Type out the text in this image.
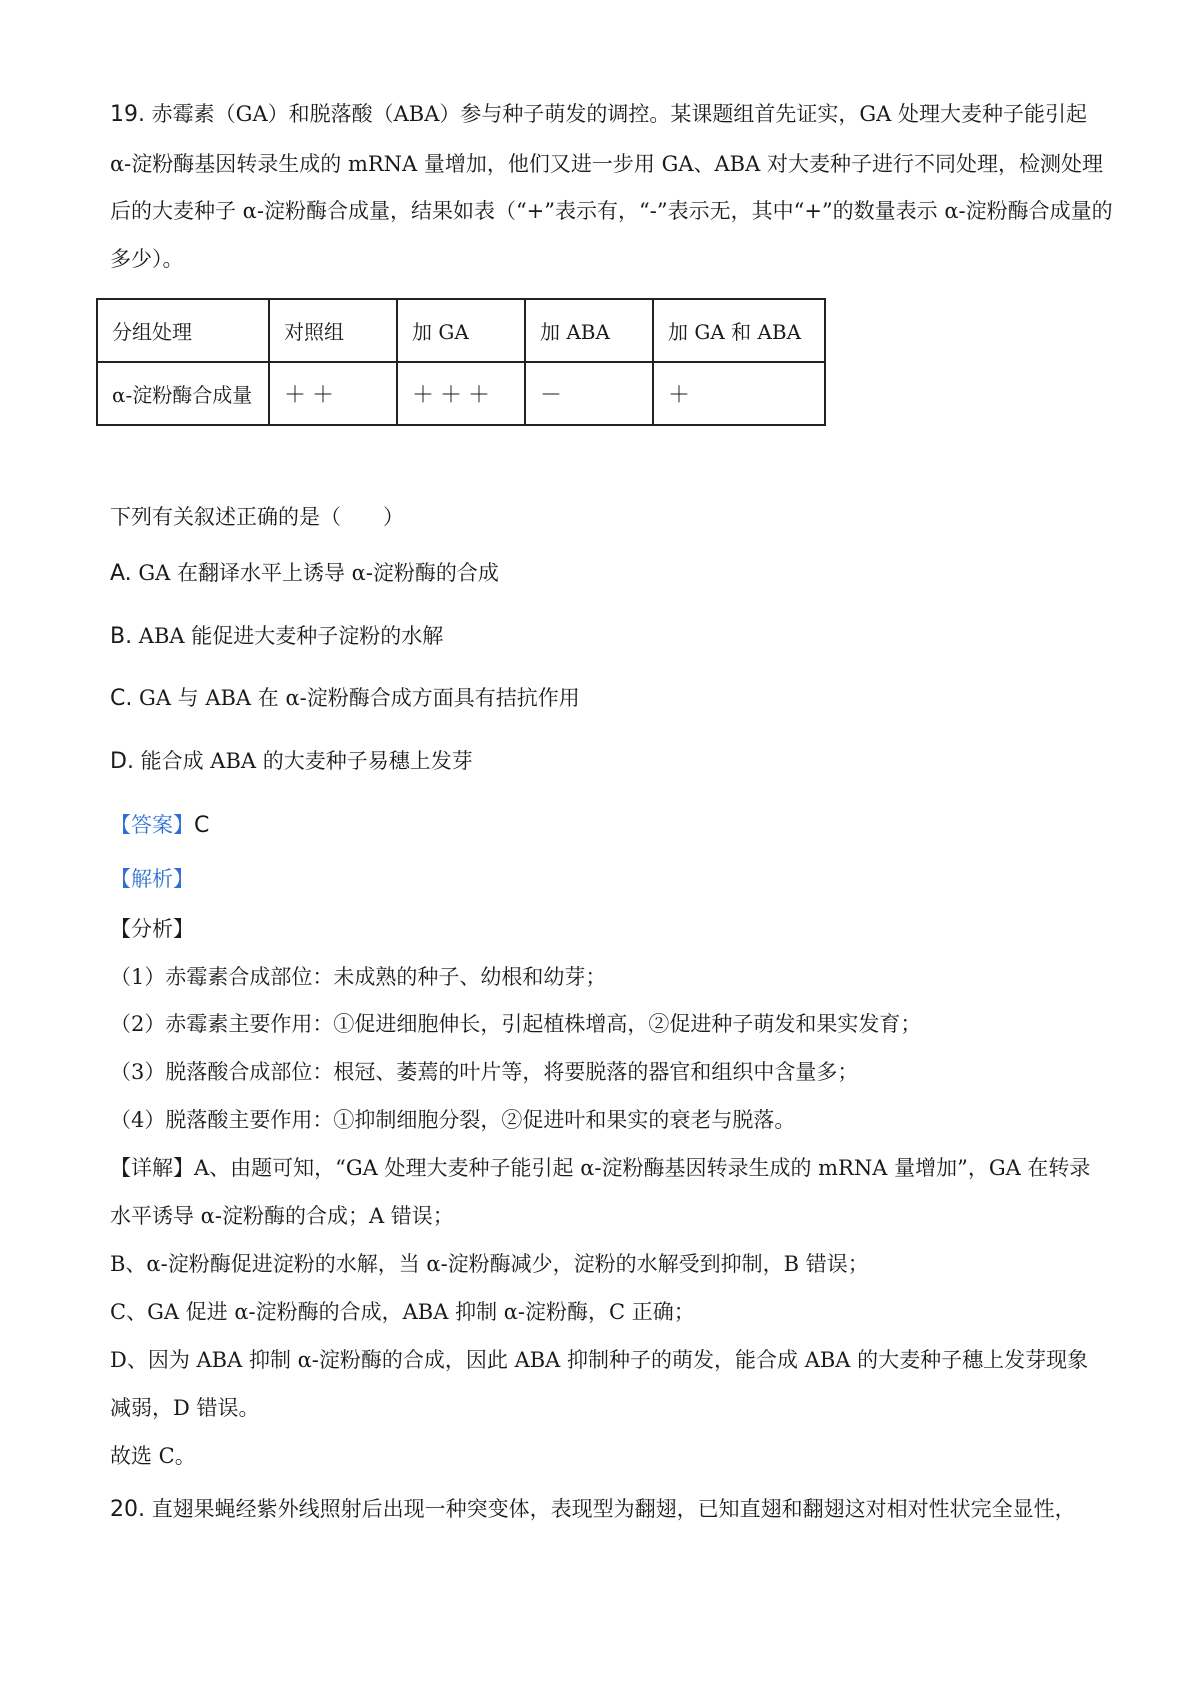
19. 赤霉素（GA）和脱落酸（ABA）参与种子萌发的调控。某课题组首先证实，GA 处理大麦种子能引起
α-淀粉酶基因转录生成的 mRNA 量增加，他们又进一步用 GA、ABA 对大麦种子进行不同处理，检测处理
后的大麦种子 α-淀粉酶合成量，结果如表（“+”表示有，“-”表示无，其中“+”的数量表示 α-淀粉酶合成量的
多少）。
分组处理	对照组	加 GA	加 ABA	加 GA 和 ABA
α-淀粉酶合成量	＋＋	＋＋＋	－	＋
下列有关叙述正确的是（　　）
A. GA 在翻译水平上诱导 α-淀粉酶的合成
B. ABA 能促进大麦种子淀粉的水解
C. GA 与 ABA 在 α-淀粉酶合成方面具有拮抗作用
D. 能合成 ABA 的大麦种子易穗上发芽
【答案】C
【解析】
【分析】
（1）赤霉素合成部位：未成熟的种子、幼根和幼芽；
（2）赤霉素主要作用：①促进细胞伸长，引起植株增高，②促进种子萌发和果实发育；
（3）脱落酸合成部位：根冠、萎蔫的叶片等，将要脱落的器官和组织中含量多；
（4）脱落酸主要作用：①抑制细胞分裂，②促进叶和果实的衰老与脱落。
【详解】A、由题可知，“GA 处理大麦种子能引起 α-淀粉酶基因转录生成的 mRNA 量增加”，GA 在转录
水平诱导 α-淀粉酶的合成；A 错误；
B、α-淀粉酶促进淀粉的水解，当 α-淀粉酶减少，淀粉的水解受到抑制，B 错误；
C、GA 促进 α-淀粉酶的合成，ABA 抑制 α-淀粉酶，C 正确；
D、因为 ABA 抑制 α-淀粉酶的合成，因此 ABA 抑制种子的萌发，能合成 ABA 的大麦种子穗上发芽现象
减弱，D 错误。
故选 C。
20. 直翅果蝇经紫外线照射后出现一种突变体，表现型为翻翅，已知直翅和翻翅这对相对性状完全显性，
